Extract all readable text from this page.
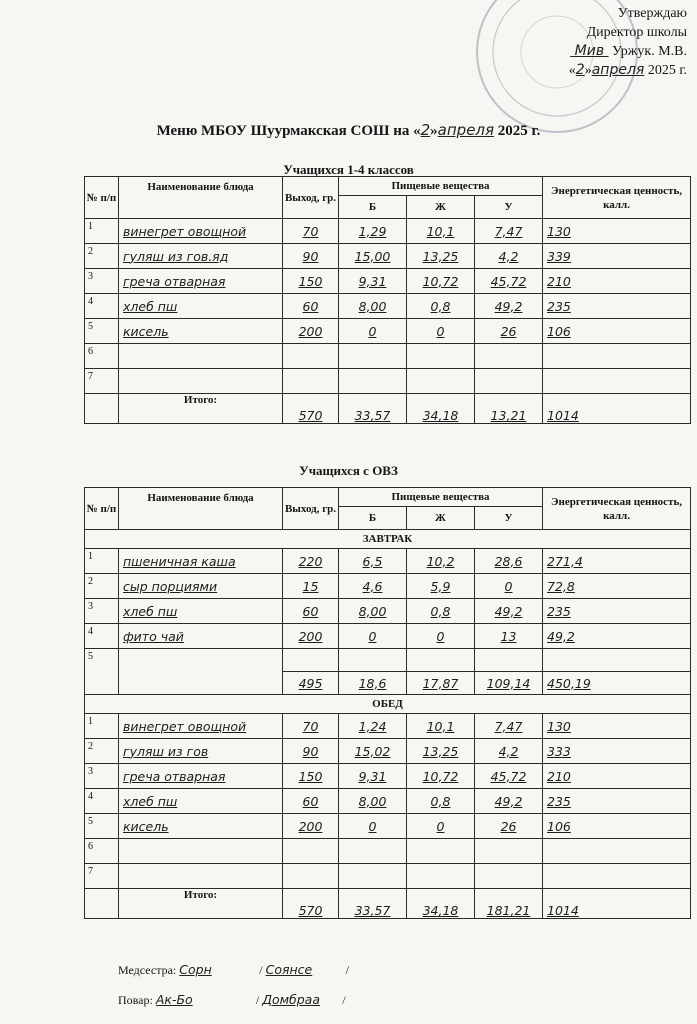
Утверждаю
Директор школы
Мив  Уржук. М.В.
«2»апреля 2025 г.
Меню МБОУ Шуурмакская СОШ на «2»апреля 2025 г.
Учащихся 1-4 классов
№ п/п	Наименование блюда	Выход, гр.	Пищевые вещества			Энергетическая ценность, калл.
			Б	Ж	У	
1	винегрет овощной	70	1,29	10,1	7,47	130
2	гуляш из гов.яд	90	15,00	13,25	4,2	339
3	греча отварная	150	9,31	10,72	45,72	210
4	хлеб пш	60	8,00	0,8	49,2	235
5	кисель	200	0	0	26	106
6						
7						
	Итого:	570	33,57	34,18	13,21	1014
Учащихся с ОВЗ
№ п/п	Наименование блюда	Выход, гр.	Пищевые вещества			Энергетическая ценность, калл.
			Б	Ж	У	
ЗАВТРАК						
1	пшеничная каша	220	6,5	10,2	28,6	271,4
2	сыр порциями	15	4,6	5,9	0	72,8
3	хлеб пш	60	8,00	0,8	49,2	235
4	фито чай	200	0	0	13	49,2
5						
		495	18,6	17,87	109,14	450,19
ОБЕД						
1	винегрет овощной	70	1,24	10,1	7,47	130
2	гуляш из гов	90	15,02	13,25	4,2	333
3	греча отварная	150	9,31	10,72	45,72	210
4	хлеб пш	60	8,00	0,8	49,2	235
5	кисель	200	0	0	26	106
6						
7						
	Итого:	570	33,57	34,18	181,21	1014
Медсестра: Сорн	/ Соянсе	/
Повар: Ак-Бо	/ Домбраа /
